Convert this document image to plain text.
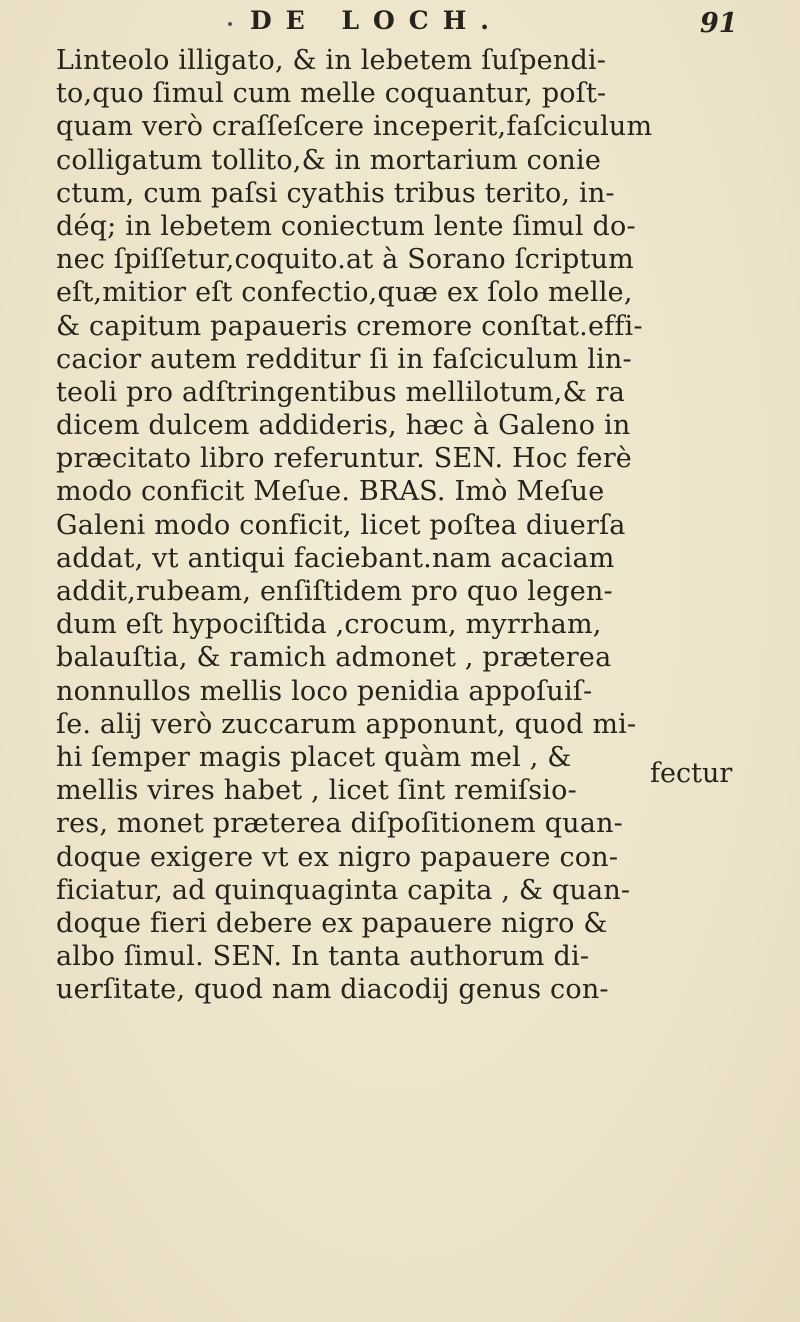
DE LOCH.	91
Linteolo illigato, & in lebetem ſuſpendi-
to,quo ſimul cum melle coquantur, poſt-
quam verò craſſeſcere inceperit,faſciculum
colligatum tollito,& in mortarium conie
ctum, cum paſsi cyathis tribus terito, in-
déq; in lebetem coniectum lente ſimul do-
nec ſpiſſetur,coquito.at à Sorano ſcriptum
eſt,mitior eſt confectio,quæ ex ſolo melle,
& capitum papaueris cremore conſtat.effi-
cacior autem redditur ſi in faſciculum lin-
teoli pro adſtringentibus mellilotum,& ra
dicem dulcem addideris, hæc à Galeno in
præcitato libro referuntur. SEN. Hoc ferè
modo conficit Meſue. BRAS. Imò Meſue
Galeni modo conficit, licet poſtea diuerſa
addat, vt antiqui faciebant.nam acaciam
addit,rubeam, enſiſtidem pro quo legen-
dum eſt hypociſtida ,crocum, myrrham,
balauſtia, & ramich admonet , præterea
nonnullos mellis loco penidia appoſuiſ-
ſe. alij verò zuccarum apponunt, quod mi-
hi ſemper magis placet quàm mel , &
mellis vires habet , licet ſint remiſsio-
res, monet præterea diſpoſitionem quan-
doque exigere vt ex nigro papauere con-
ficiatur, ad quinquaginta capita , & quan-
doque fieri debere ex papauere nigro &
albo ſimul. SEN. In tanta authorum di-
uerſitate, quod nam diacodij genus con-
fectur
